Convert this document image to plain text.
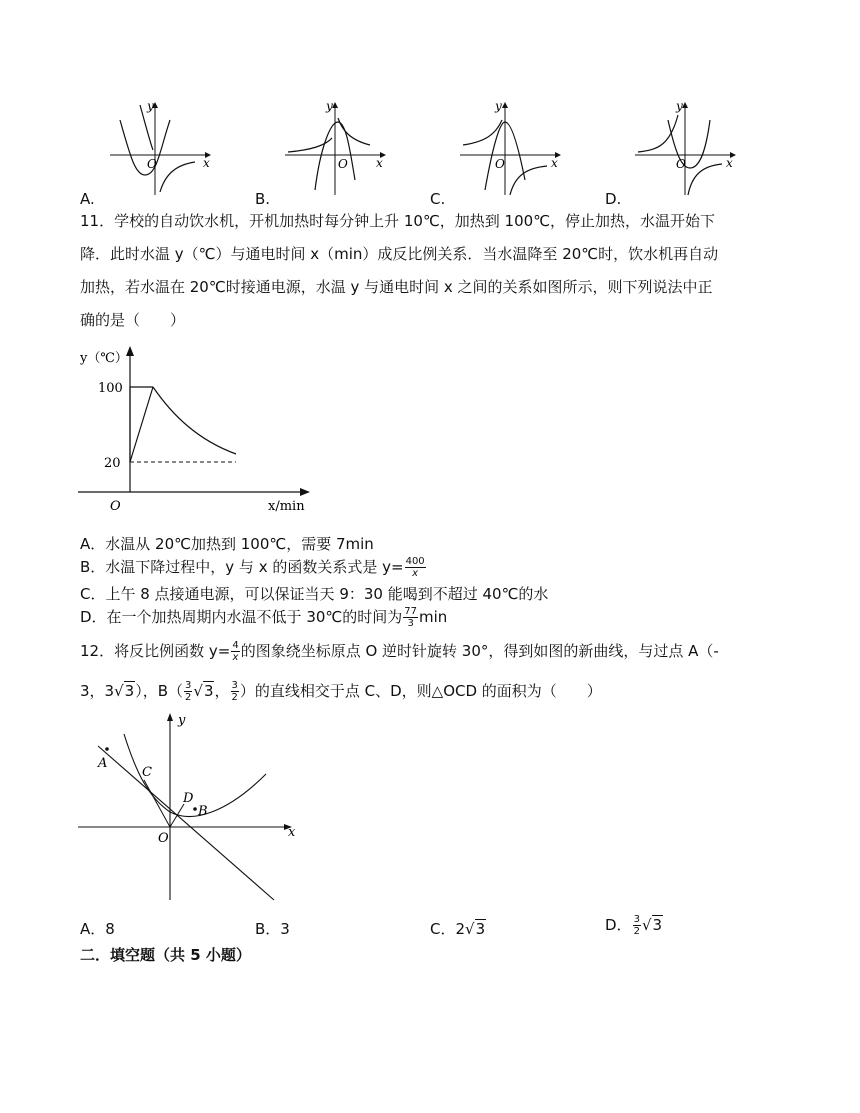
O	x
y
O x
y
O	x
y
O	x
y
A.	B.	C.	D.
11．学校的自动饮水机，开机加热时每分钟上升 10℃，加热到 100℃，停止加热，水温开始下
降．此时水温 y（℃）与通电时间 x（min）成反比例关系．当水温降至 20℃时，饮水机再自动
加热，若水温在 20℃时接通电源，水温 y 与通电时间 x 之间的关系如图所示，则下列说法中正
确的是（　　）
y（℃）
100
20
O	x/min
A．水温从 20℃加热到 100℃，需要 7min
B．水温下降过程中，y 与 x 的函数关系式是 $y= \frac{400}{x}$
C．上午 8 点接通电源，可以保证当天 9：30 能喝到不超过 40℃的水
D．在一个加热周期内水温不低于 30℃的时间为 $\frac{77}{3}$ min
12．将反比例函数 $y= \frac{4}{x}$ 的图象绕坐标原点 O 逆时针旋转 30°，得到如图的新曲线，与过点 A（-
3，3√3），$B( \frac{3}{2} √3$， $\frac{3}{2}$ ）的直线相交于点 C、D，则△OCD 的面积为（　　）
y
x
O
A
C
D
B
A．8	B．3	C．2√3	D． $\frac{3}{2} √3$
二．填空题（共 5 小题）
